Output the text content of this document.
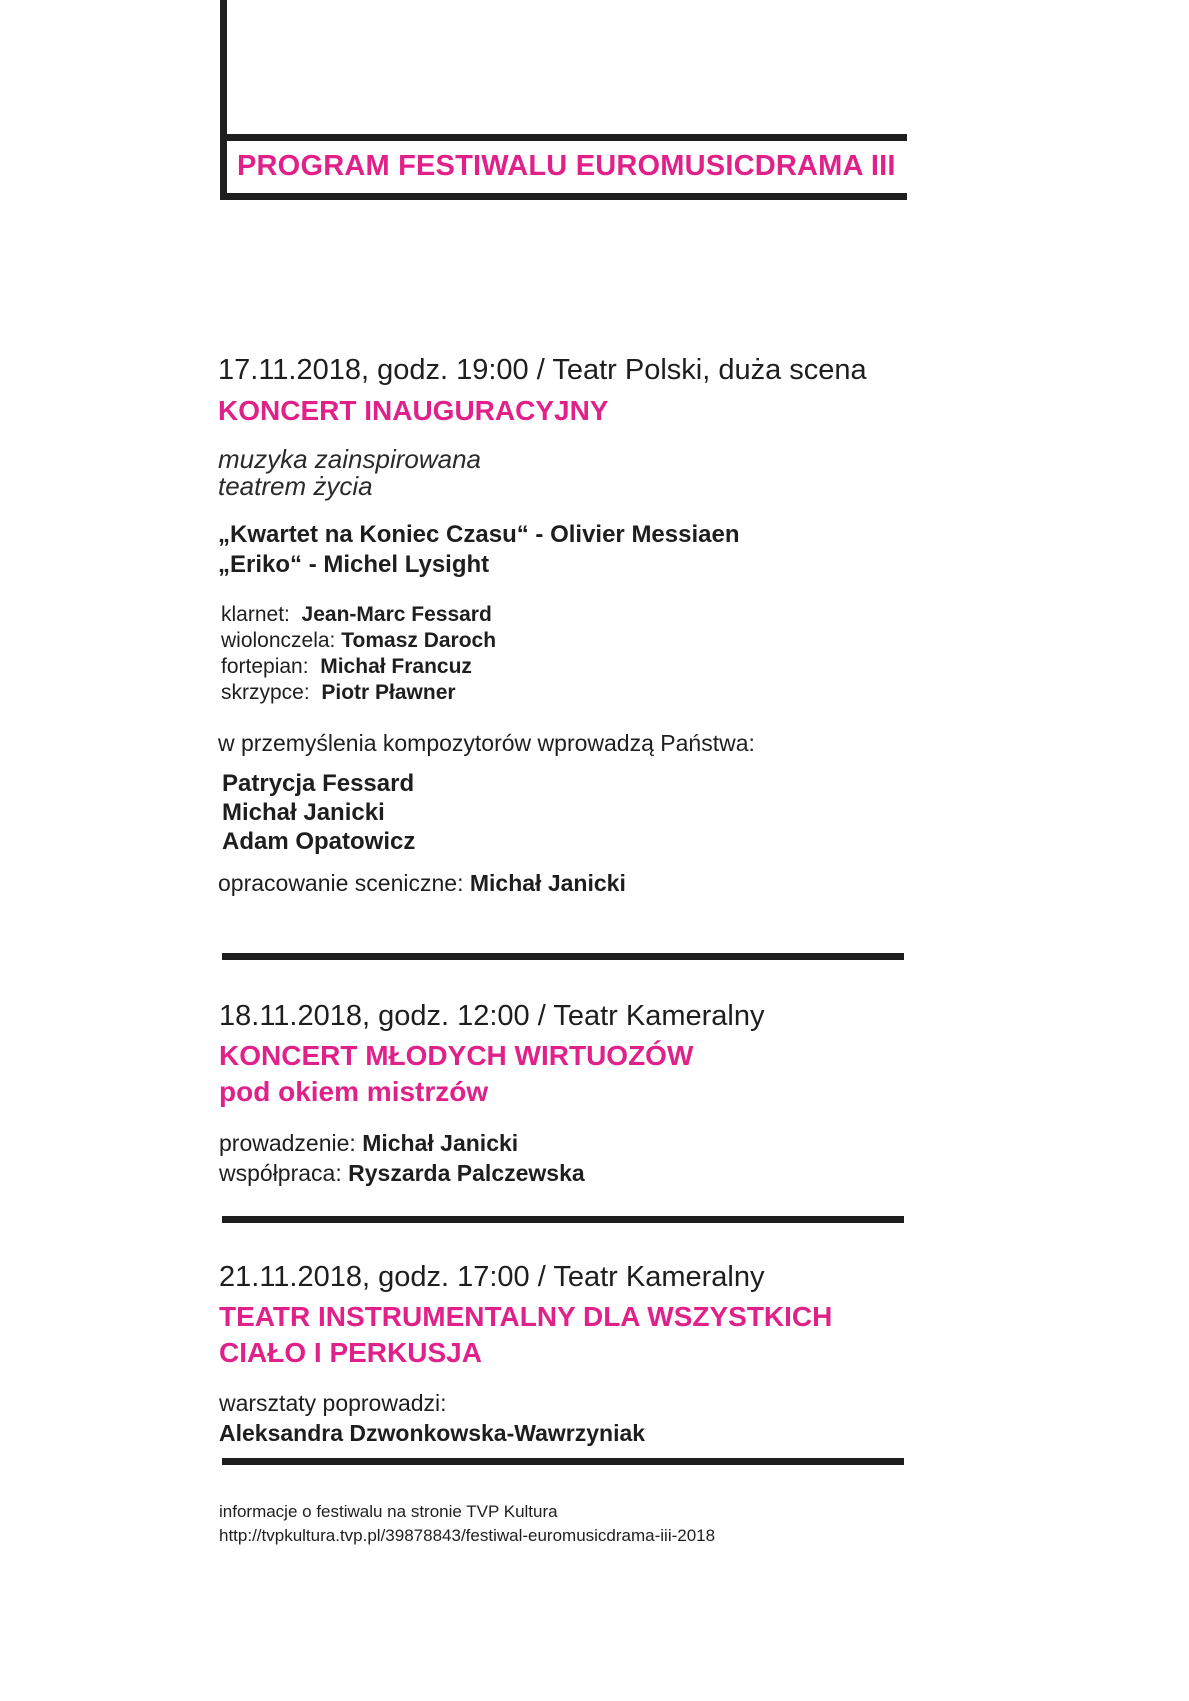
PROGRAM FESTIWALU EUROMUSICDRAMA III
17.11.2018, godz. 19:00 / Teatr Polski, duża scena
KONCERT INAUGURACYJNY
muzyka zainspirowana
teatrem życia
„Kwartet na Koniec Czasu“ - Olivier Messiaen
„Eriko“ - Michel Lysight
klarnet: Jean-Marc Fessard
wiolonczela: Tomasz Daroch
fortepian: Michał Francuz
skrzypce: Piotr Pławner
w przemyślenia kompozytorów wprowadzą Państwa:
Patrycja Fessard
Michał Janicki
Adam Opatowicz
opracowanie sceniczne: Michał Janicki
18.11.2018, godz. 12:00 / Teatr Kameralny
KONCERT MŁODYCH WIRTUOZÓW
pod okiem mistrzów
prowadzenie: Michał Janicki
współpraca: Ryszarda Palczewska
21.11.2018, godz. 17:00 / Teatr Kameralny
TEATR INSTRUMENTALNY DLA WSZYSTKICH
CIAŁO I PERKUSJA
warsztaty poprowadzi:
Aleksandra Dzwonkowska-Wawrzyniak
informacje o festiwalu na stronie TVP Kultura
http://tvpkultura.tvp.pl/39878843/festiwal-euromusicdrama-iii-2018
